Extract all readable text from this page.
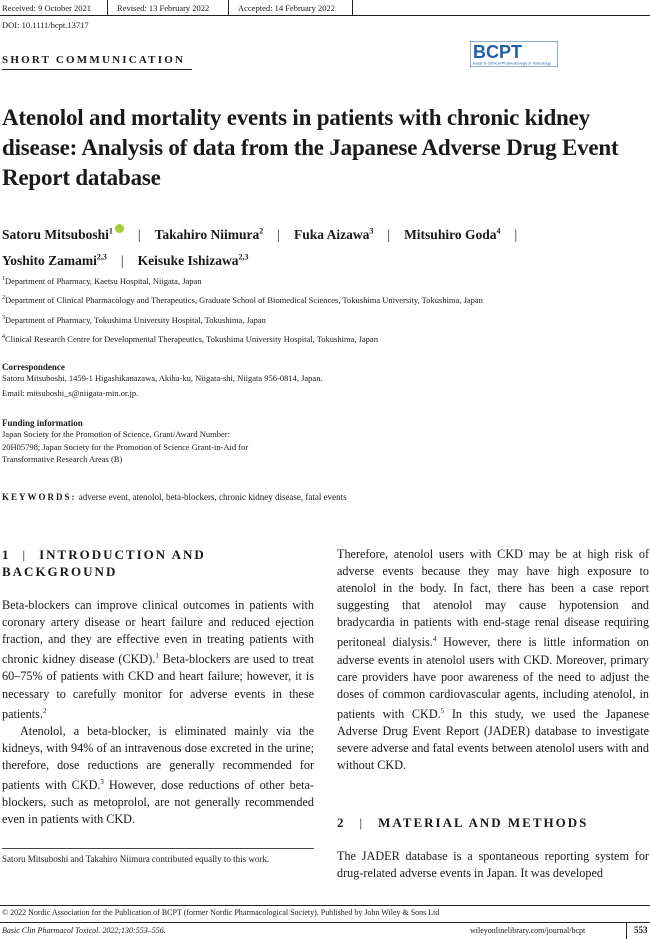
Received: 9 October 2021	Revised: 13 February 2022	Accepted: 14 February 2022
DOI: 10.1111/bcpt.13717
SHORT COMMUNICATION	BCPT
Basic & Clinical Pharmacology & Toxicology
Atenolol and mortality events in patients with chronic kidney disease: Analysis of data from the Japanese Adverse Drug Event Report database
Satoru Mitsuboshi$^1$ | Takahiro Niimura$^2$ | Fuka Aizawa$^3$ | Mitsuhiro Goda$^4$ |
Yoshito Zamami$^{2,3}$ | Keisuke Ishizawa$^{2,3}$
$^1$Department of Pharmacy, Kaetsu Hospital, Niigata, Japan
$^2$Department of Clinical Pharmacology and Therapeutics, Graduate School of Biomedical Sciences, Tokushima University, Tokushima, Japan
$^3$Department of Pharmacy, Tokushima University Hospital, Tokushima, Japan
$^4$Clinical Research Centre for Developmental Therapeutics, Tokushima University Hospital, Tokushima, Japan
Correspondence
Satoru Mitsuboshi, 1459-1 Higashikanazawa, Akiha-ku, Niigata-shi, Niigata 956-0814, Japan.
Email: mitsuboshi_s@niigata-min.or.jp.
Funding information
Japan Society for the Promotion of Science, Grant/Award Number:
20H05798; Japan Society for the Promotion of Science Grant-in-Aid for
Transformative Research Areas (B)
KEYWORDS: adverse event, atenolol, beta-blockers, chronic kidney disease, fatal events
1 | INTRODUCTION AND
BACKGROUND

Beta-blockers can improve clinical outcomes in patients with coronary artery disease or heart failure and reduced ejection fraction, and they are effective even in treating patients with chronic kidney disease (CKD).$^1$ Beta-blockers are used to treat 60–75% of patients with CKD and heart failure; however, it is necessary to carefully monitor for adverse events in these patients.$^2$

Atenolol, a beta-blocker, is eliminated mainly via the kidneys, with 94% of an intravenous dose excreted in the urine; therefore, dose reductions are generally recommended for patients with CKD.$^3$ However, dose reductions of other beta-blockers, such as metoprolol, are not generally recommended even in patients with CKD.

Satoru Mitsuboshi and Takahiro Niimura contributed equally to this work.

Therefore, atenolol users with CKD may be at high risk of adverse events because they may have high exposure to atenolol in the body. In fact, there has been a case report suggesting that atenolol may cause hypotension and bradycardia in patients with end-stage renal disease requiring peritoneal dialysis.$^4$ However, there is little information on adverse events in atenolol users with CKD. Moreover, primary care providers have poor awareness of the need to adjust the doses of common cardiovascular agents, including atenolol, in patients with CKD.$^5$ In this study, we used the Japanese Adverse Drug Event Report (JADER) database to investigate severe adverse and fatal events between atenolol users with and without CKD.

2 | MATERIAL AND METHODS

The JADER database is a spontaneous reporting system for drug-related adverse events in Japan. It was developed

© 2022 Nordic Association for the Publication of BCPT (former Nordic Pharmacological Society). Published by John Wiley & Sons Ltd
Basic Clin Pharmacol Toxicol. 2022;130:553–556.	wileyonlinelibrary.com/journal/bcpt	553
